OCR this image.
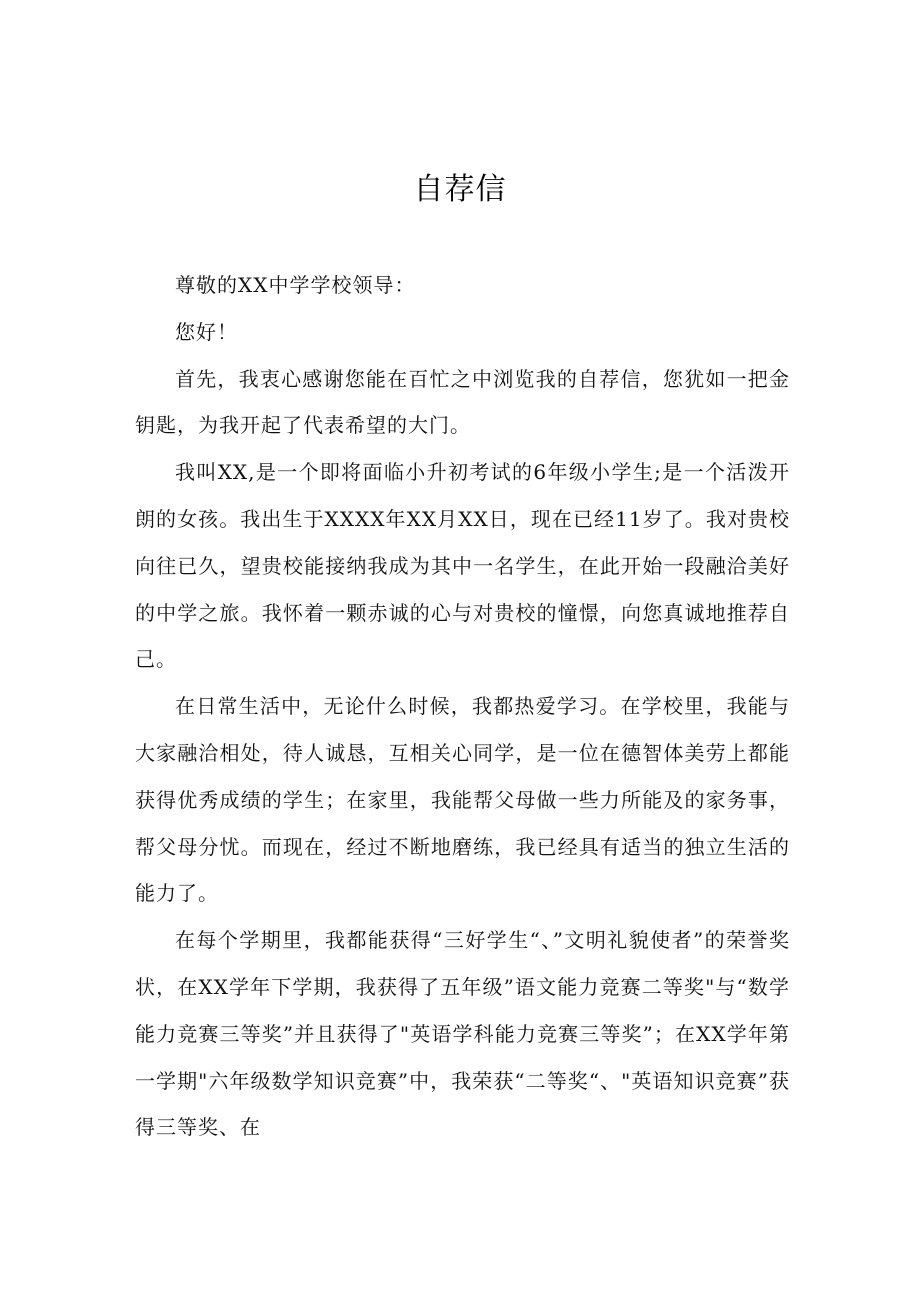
自荐信

尊敬的XX中学学校领导：

您好！

首先，我衷心感谢您能在百忙之中浏览我的自荐信，您犹如一把金钥匙，为我开起了代表希望的大门。

我叫XX,是一个即将面临小升初考试的6年级小学生;是一个活泼开朗的女孩。我出生于XXXX年XX月XX日，现在已经11岁了。我对贵校向往已久，望贵校能接纳我成为其中一名学生，在此开始一段融洽美好的中学之旅。我怀着一颗赤诚的心与对贵校的憧憬，向您真诚地推荐自己。

在日常生活中，无论什么时候，我都热爱学习。在学校里，我能与大家融洽相处，待人诚恳，互相关心同学，是一位在德智体美劳上都能获得优秀成绩的学生；在家里，我能帮父母做一些力所能及的家务事，帮父母分忧。而现在，经过不断地磨练，我已经具有适当的独立生活的能力了。

在每个学期里，我都能获得“三好学生“、”文明礼貌使者”的荣誉奖状，在XX学年下学期，我获得了五年级”语文能力竞赛二等奖"与“数学能力竞赛三等奖”并且获得了"英语学科能力竞赛三等奖”；在XX学年第一学期"六年级数学知识竞赛”中，我荣获“二等奖“、"英语知识竞赛”获得三等奖、在
